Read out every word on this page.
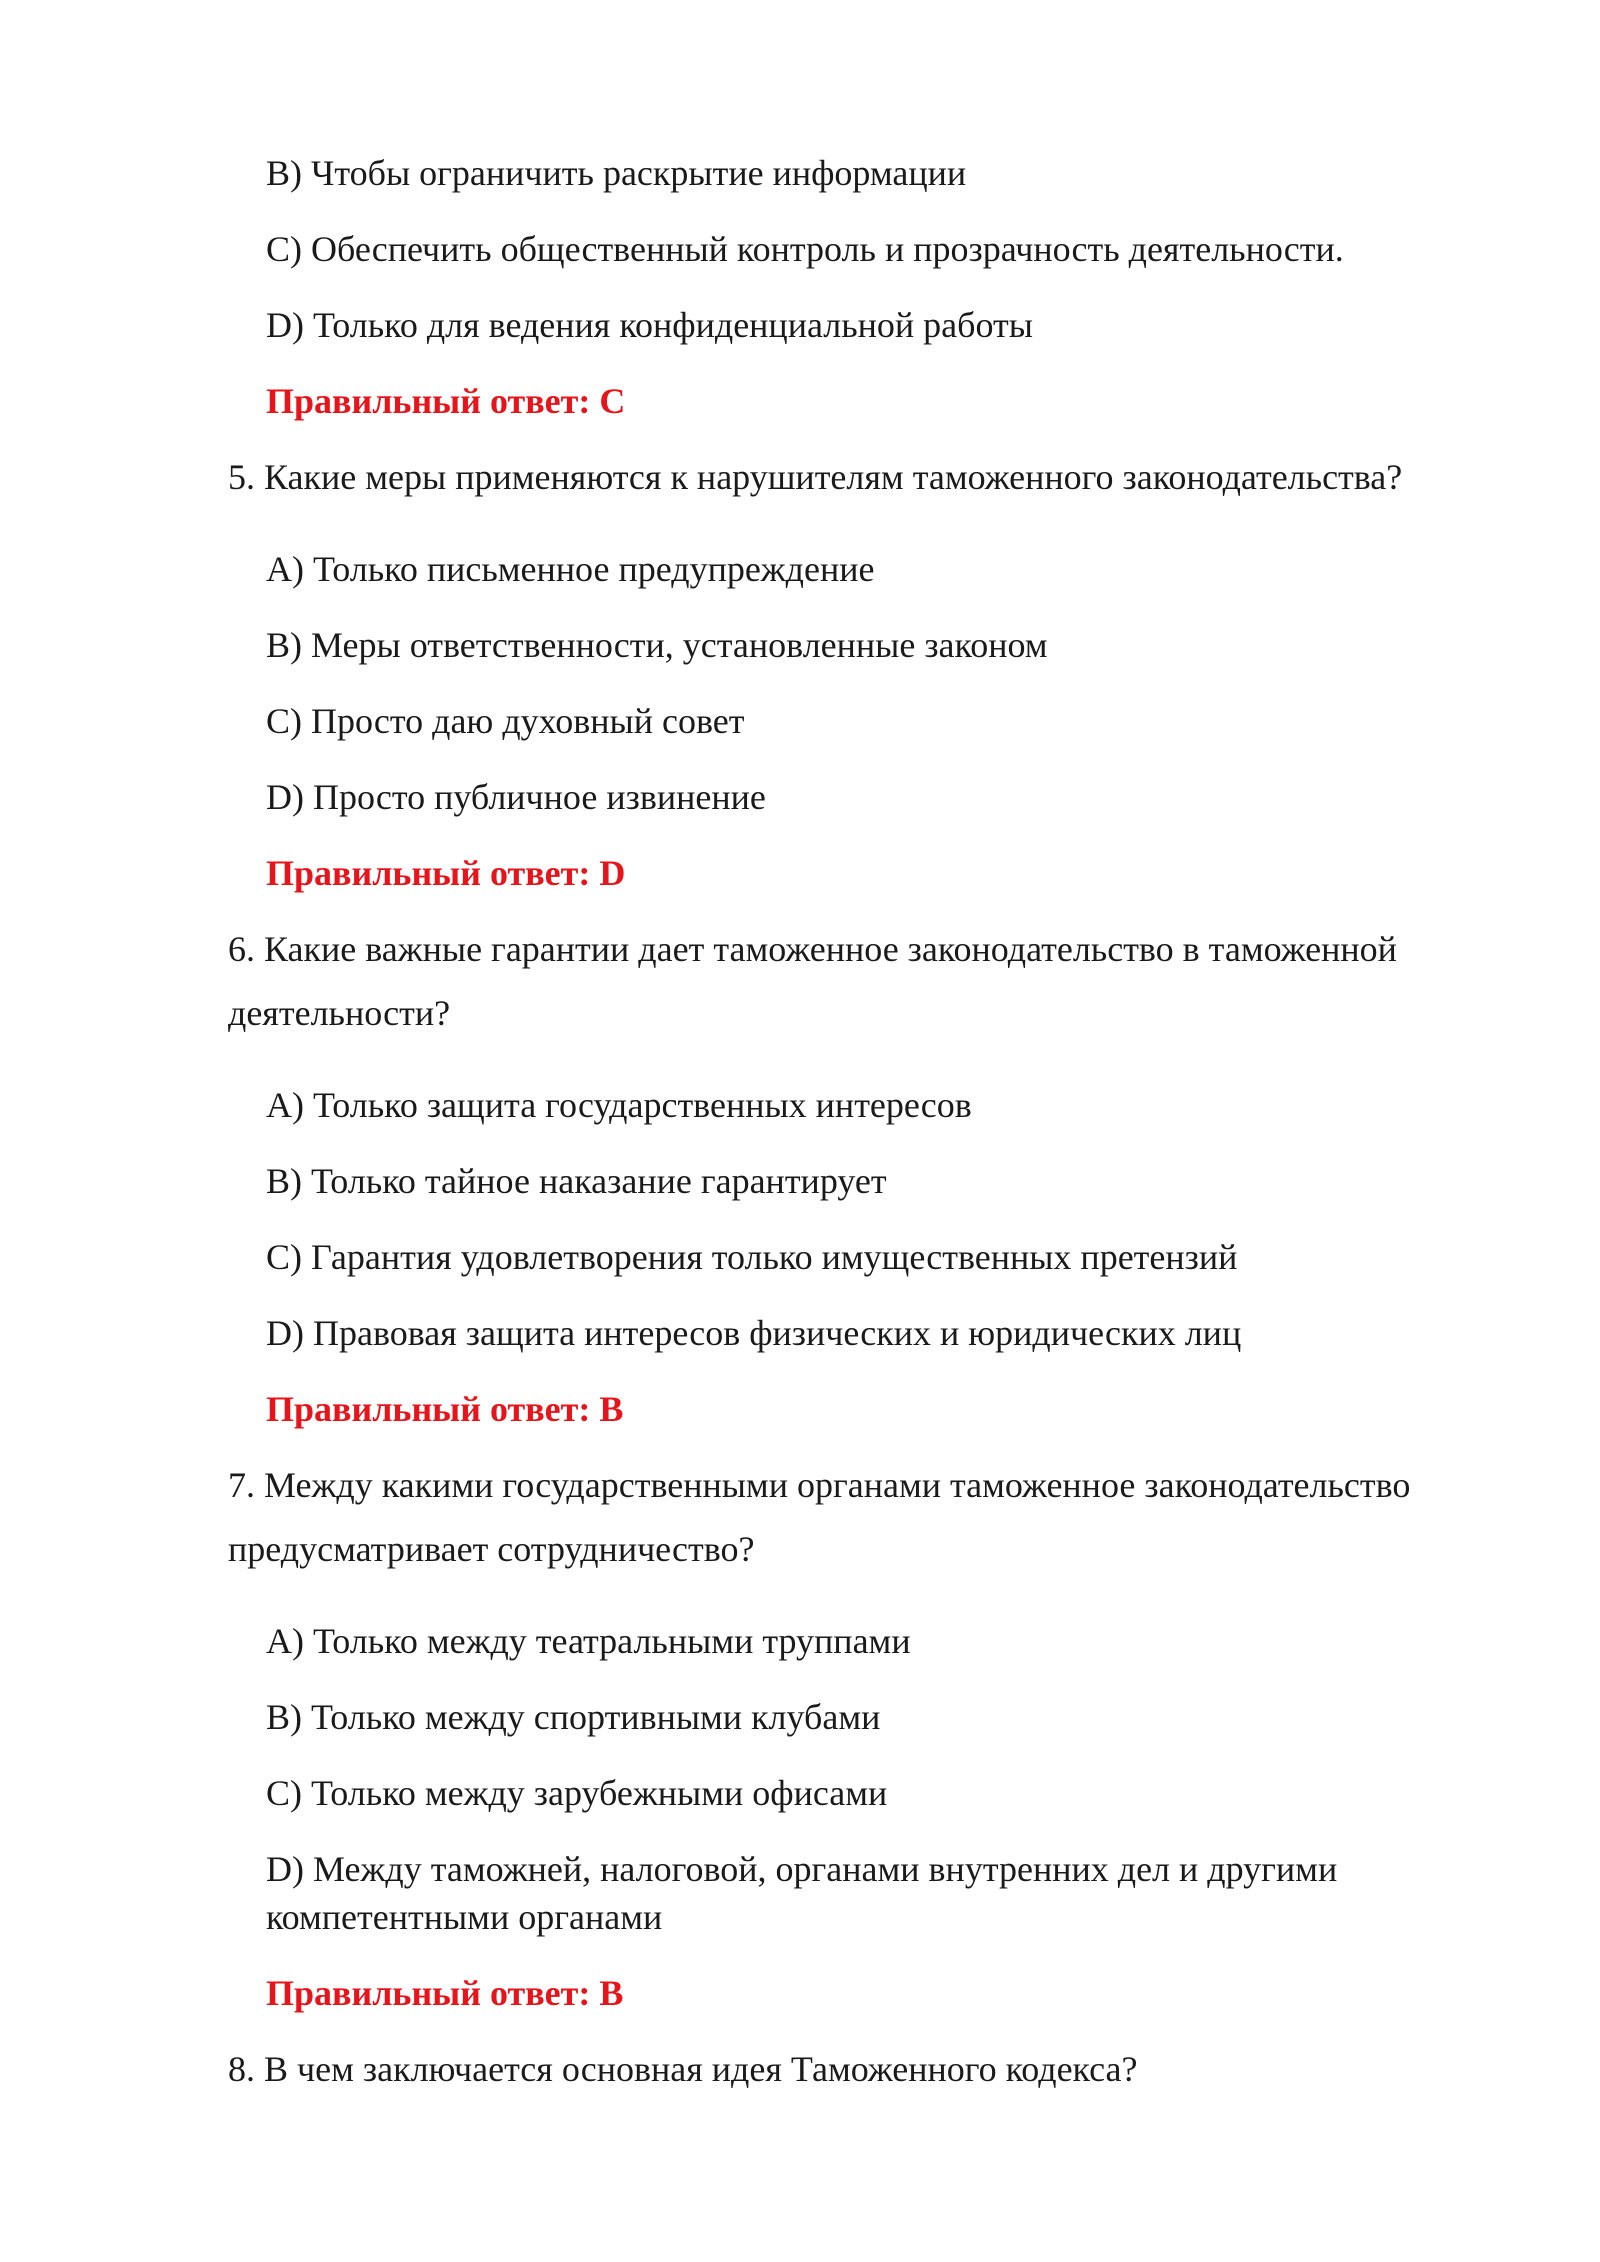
B) Чтобы ограничить раскрытие информации
C) Обеспечить общественный контроль и прозрачность деятельности.
D) Только для ведения конфиденциальной работы
Правильный ответ: C
5. Какие меры применяются к нарушителям таможенного законодательства?
A) Только письменное предупреждение
B) Меры ответственности, установленные законом
C) Просто даю духовный совет
D) Просто публичное извинение
Правильный ответ: D
6. Какие важные гарантии дает таможенное законодательство в таможенной
деятельности?
A) Только защита государственных интересов
B) Только тайное наказание гарантирует
C) Гарантия удовлетворения только имущественных претензий
D) Правовая защита интересов физических и юридических лиц
Правильный ответ: B
7. Между какими государственными органами таможенное законодательство
предусматривает сотрудничество?
A) Только между театральными труппами
B) Только между спортивными клубами
C) Только между зарубежными офисами
D) Между таможней, налоговой, органами внутренних дел и другими
компетентными органами
Правильный ответ: B
8. В чем заключается основная идея Таможенного кодекса?
